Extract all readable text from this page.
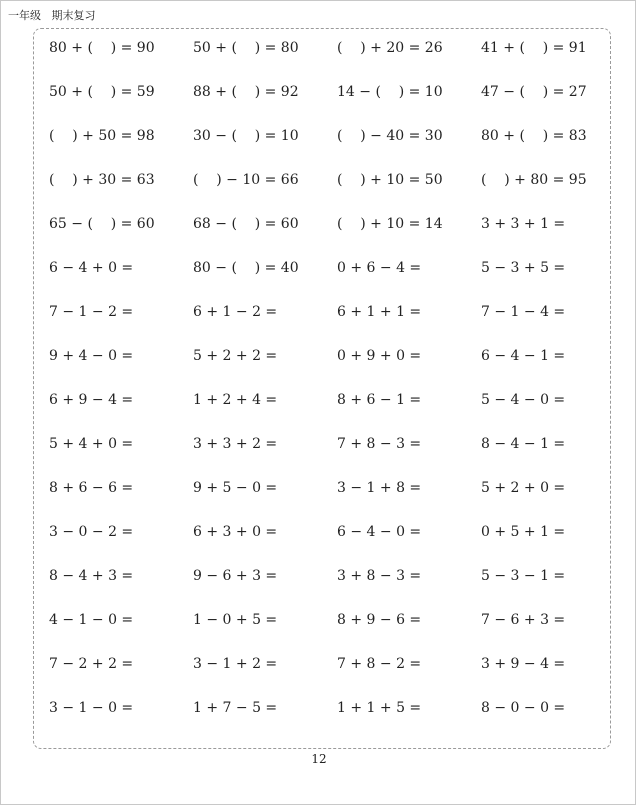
一年级   期末复习
80 + (    ) = 90	50 + (    ) = 80	(    ) + 20 = 26	41 + (    ) = 91
50 + (    ) = 59	88 + (    ) = 92	14 − (    ) = 10	47 − (    ) = 27
(    ) + 50 = 98	30 − (    ) = 10	(    ) − 40 = 30	80 + (    ) = 83
(    ) + 30 = 63	(    ) − 10 = 66	(    ) + 10 = 50	(    ) + 80 = 95
65 − (    ) = 60	68 − (    ) = 60	(    ) + 10 = 14	3 + 3 + 1 =
6 − 4 + 0 =	80 − (    ) = 40	0 + 6 − 4 =	5 − 3 + 5 =
7 − 1 − 2 =	6 + 1 − 2 =	6 + 1 + 1 =	7 − 1 − 4 =
9 + 4 − 0 =	5 + 2 + 2 =	0 + 9 + 0 =	6 − 4 − 1 =
6 + 9 − 4 =	1 + 2 + 4 =	8 + 6 − 1 =	5 − 4 − 0 =
5 + 4 + 0 =	3 + 3 + 2 =	7 + 8 − 3 =	8 − 4 − 1 =
8 + 6 − 6 =	9 + 5 − 0 =	3 − 1 + 8 =	5 + 2 + 0 =
3 − 0 − 2 =	6 + 3 + 0 =	6 − 4 − 0 =	0 + 5 + 1 =
8 − 4 + 3 =	9 − 6 + 3 =	3 + 8 − 3 =	5 − 3 − 1 =
4 − 1 − 0 =	1 − 0 + 5 =	8 + 9 − 6 =	7 − 6 + 3 =
7 − 2 + 2 =	3 − 1 + 2 =	7 + 8 − 2 =	3 + 9 − 4 =
3 − 1 − 0 =	1 + 7 − 5 =	1 + 1 + 5 =	8 − 0 − 0 =
12
